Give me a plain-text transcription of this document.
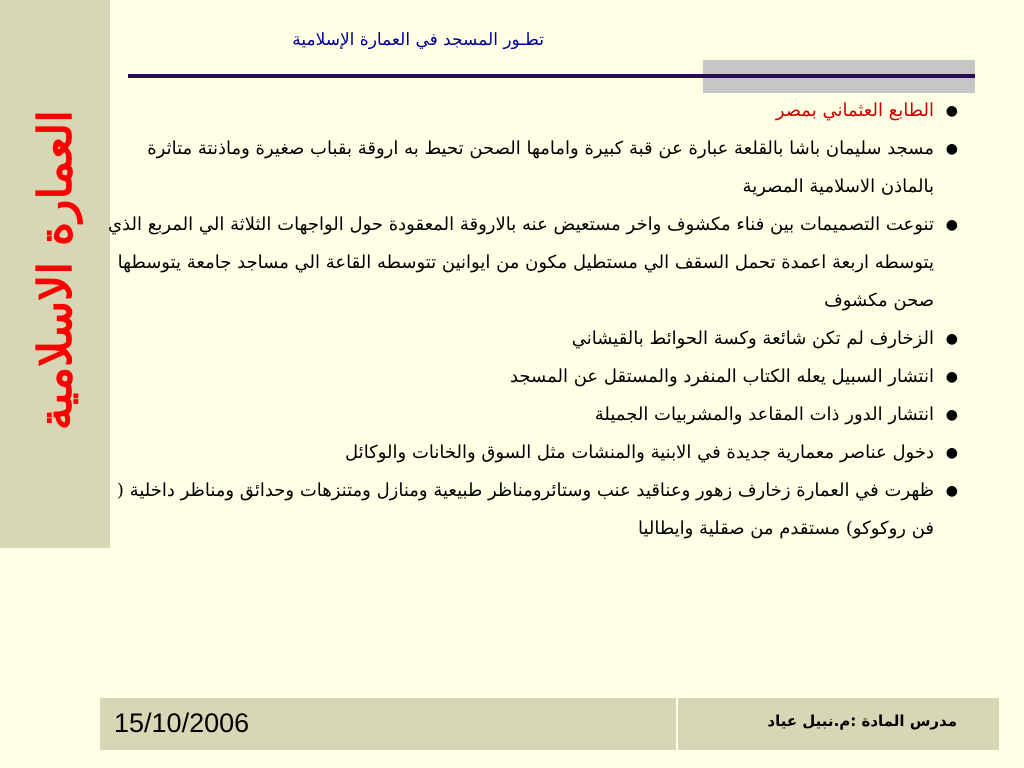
العمارة الاسلامية
تطـور المسجد في العمارة الإسلامية
●
الطابع العثماني بمصر
●
مسجد سليمان باشا بالقلعة عبارة عن قبة كبيرة وامامها الصحن تحيط به اروقة بقباب صغيرة وماذنتة متاثرة بالماذن الاسلامية المصرية
●
تنوعت التصميمات بين فناء مكشوف واخر مستعيض عنه بالاروقة المعقودة حول الواجهات الثلاثة الي المربع الذي يتوسطه اربعة اعمدة تحمل السقف الي مستطيل مكون من ايوانين تتوسطه القاعة الي مساجد جامعة يتوسطها صحن مكشوف
●
الزخارف لم تكن شائعة وكسة الحوائط بالقيشاني
●
انتشار السبيل يعله الكتاب المنفرد والمستقل عن المسجد
●
انتشار الدور ذات المقاعد والمشربيات الجميلة
●
دخول عناصر معمارية جديدة في الابنية والمنشات مثل السوق والخانات والوكائل
●
ظهرت في العمارة زخارف زهور وعناقيد عنب وستائرومناظر طبيعية ومنازل ومتنزهات وحدائق ومناظر داخلية ( فن روكوكو) مستقدم من صقلية وايطاليا
15/10/2006	مدرس المادة :م.نبيل عياد
